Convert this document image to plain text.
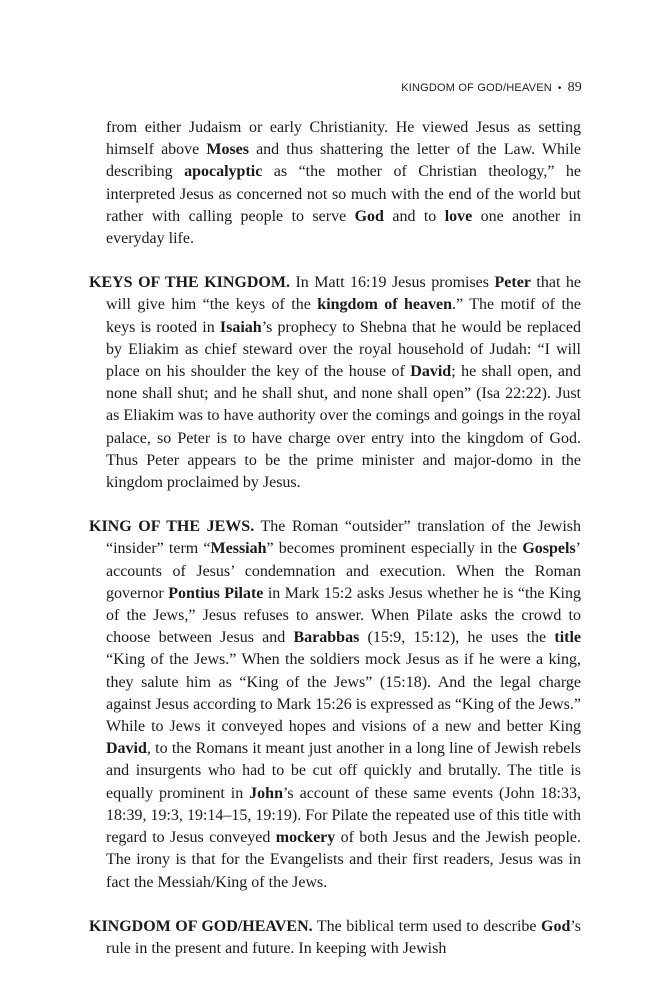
KINGDOM OF GOD/HEAVEN • 89

from either Judaism or early Christianity. He viewed Jesus as setting himself above Moses and thus shattering the letter of the Law. While describing apocalyptic as “the mother of Christian theology,” he interpreted Jesus as concerned not so much with the end of the world but rather with calling people to serve God and to love one another in everyday life.

KEYS OF THE KINGDOM. In Matt 16:19 Jesus promises Peter that he will give him “the keys of the kingdom of heaven.” The motif of the keys is rooted in Isaiah’s prophecy to Shebna that he would be replaced by Eliakim as chief steward over the royal household of Judah: “I will place on his shoulder the key of the house of David; he shall open, and none shall shut; and he shall shut, and none shall open” (Isa 22:22). Just as Eliakim was to have authority over the comings and goings in the royal palace, so Peter is to have charge over entry into the kingdom of God. Thus Peter appears to be the prime minister and major-domo in the kingdom proclaimed by Jesus.

KING OF THE JEWS. The Roman “outsider” translation of the Jewish “insider” term “Messiah” becomes prominent especially in the Gospels’ accounts of Jesus’ condemnation and execution. When the Roman governor Pontius Pilate in Mark 15:2 asks Jesus whether he is “the King of the Jews,” Jesus refuses to answer. When Pilate asks the crowd to choose between Jesus and Barabbas (15:9, 15:12), he uses the title “King of the Jews.” When the soldiers mock Jesus as if he were a king, they salute him as “King of the Jews” (15:18). And the legal charge against Jesus according to Mark 15:26 is expressed as “King of the Jews.” While to Jews it conveyed hopes and visions of a new and better King David, to the Romans it meant just another in a long line of Jewish rebels and insurgents who had to be cut off quickly and brutally. The title is equally prominent in John’s account of these same events (John 18:33, 18:39, 19:3, 19:14–15, 19:19). For Pilate the repeated use of this title with regard to Jesus conveyed mockery of both Jesus and the Jewish people. The irony is that for the Evangelists and their first readers, Jesus was in fact the Messiah/King of the Jews.

KINGDOM OF GOD/HEAVEN. The biblical term used to describe God’s rule in the present and future. In keeping with Jewish
